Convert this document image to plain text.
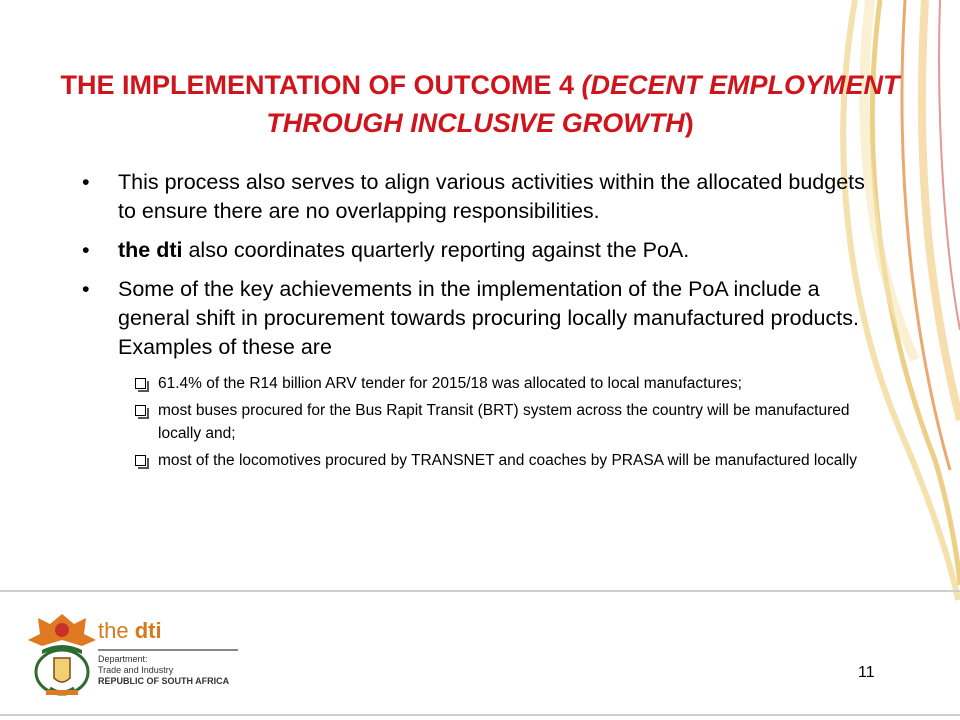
THE IMPLEMENTATION OF OUTCOME 4 (DECENT EMPLOYMENT THROUGH INCLUSIVE GROWTH)
• This process also serves to align various activities within the allocated budgets to ensure there are no overlapping responsibilities.
• the dti also coordinates quarterly reporting against the PoA.
• Some of the key achievements in the implementation of the PoA include a general shift in procurement towards procuring locally manufactured products. Examples of these are
61.4% of the R14 billion ARV tender for 2015/18 was allocated to local manufactures;
most buses procured for the Bus Rapit Transit (BRT) system across the country will be manufactured locally and;
most of the locomotives procured by TRANSNET and coaches by PRASA will be manufactured locally
the dti
Department:
Trade and Industry
REPUBLIC OF SOUTH AFRICA	11
